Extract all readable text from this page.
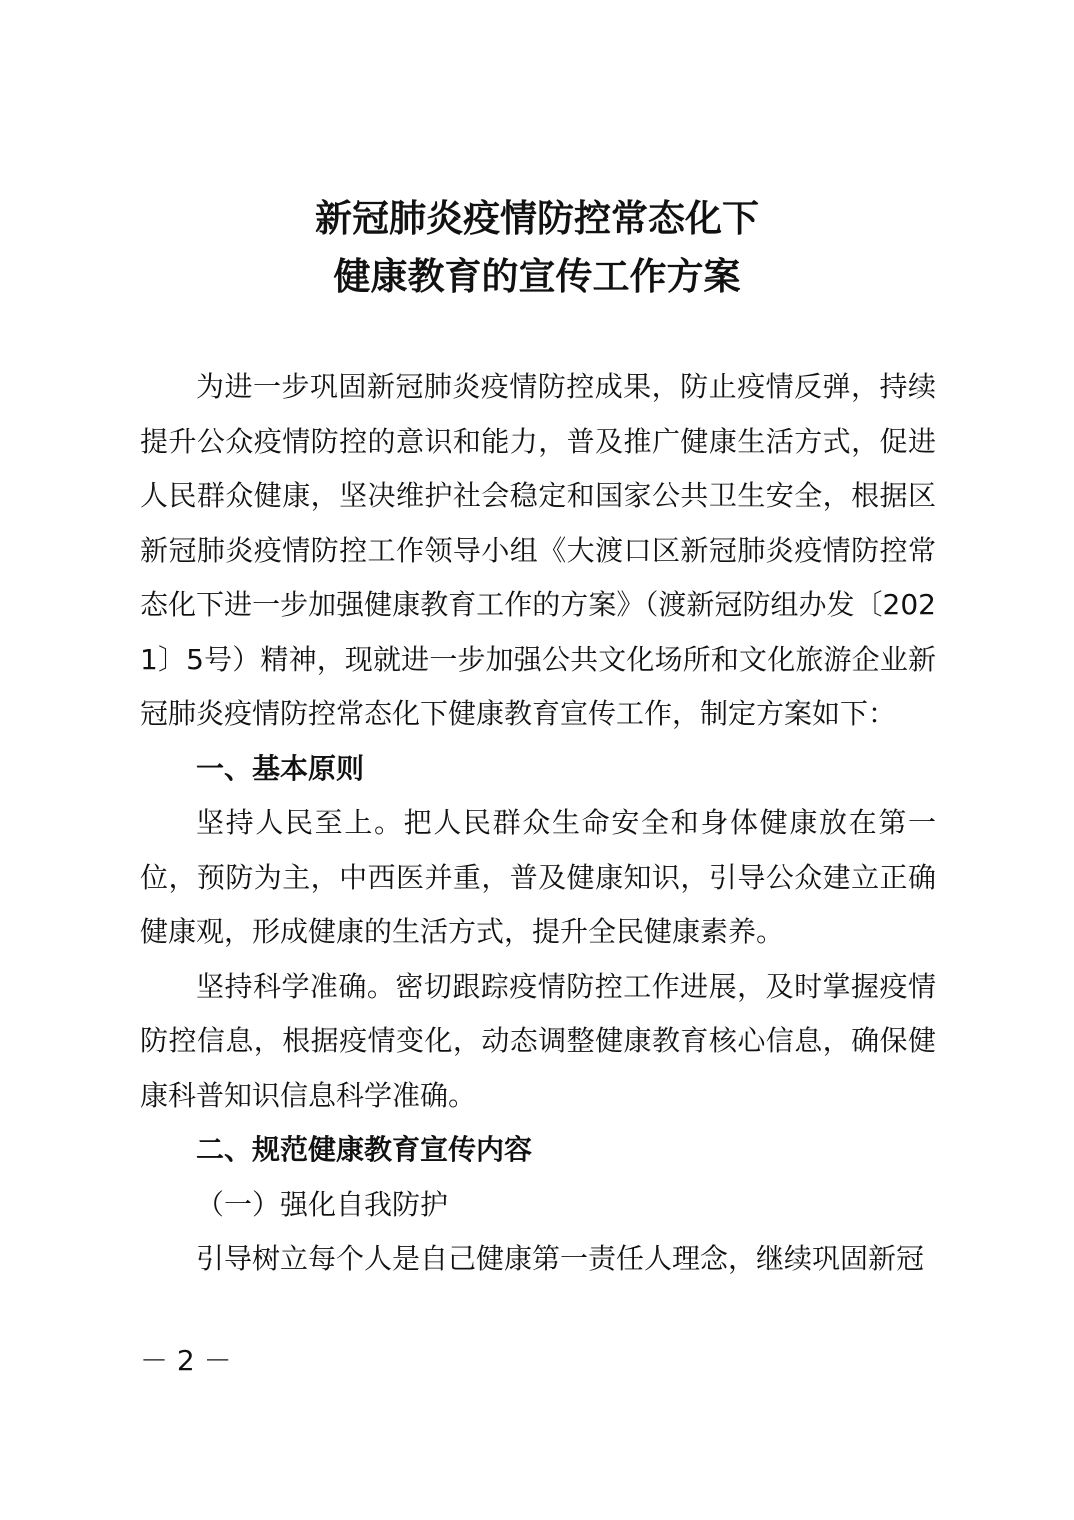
新冠肺炎疫情防控常态化下
健康教育的宣传工作方案

为进一步巩固新冠肺炎疫情防控成果，防止疫情反弹，持续提升公众疫情防控的意识和能力，普及推广健康生活方式，促进人民群众健康，坚决维护社会稳定和国家公共卫生安全，根据区新冠肺炎疫情防控工作领导小组《大渡口区新冠肺炎疫情防控常态化下进一步加强健康教育工作的方案》（渡新冠防组办发〔2021〕5号）精神，现就进一步加强公共文化场所和文化旅游企业新冠肺炎疫情防控常态化下健康教育宣传工作，制定方案如下：

一、基本原则

坚持人民至上。把人民群众生命安全和身体健康放在第一位，预防为主，中西医并重，普及健康知识，引导公众建立正确健康观，形成健康的生活方式，提升全民健康素养。

坚持科学准确。密切跟踪疫情防控工作进展，及时掌握疫情防控信息，根据疫情变化，动态调整健康教育核心信息，确保健康科普知识信息科学准确。

二、规范健康教育宣传内容

（一）强化自我防护

引导树立每个人是自己健康第一责任人理念，继续巩固新冠

－ 2 －
